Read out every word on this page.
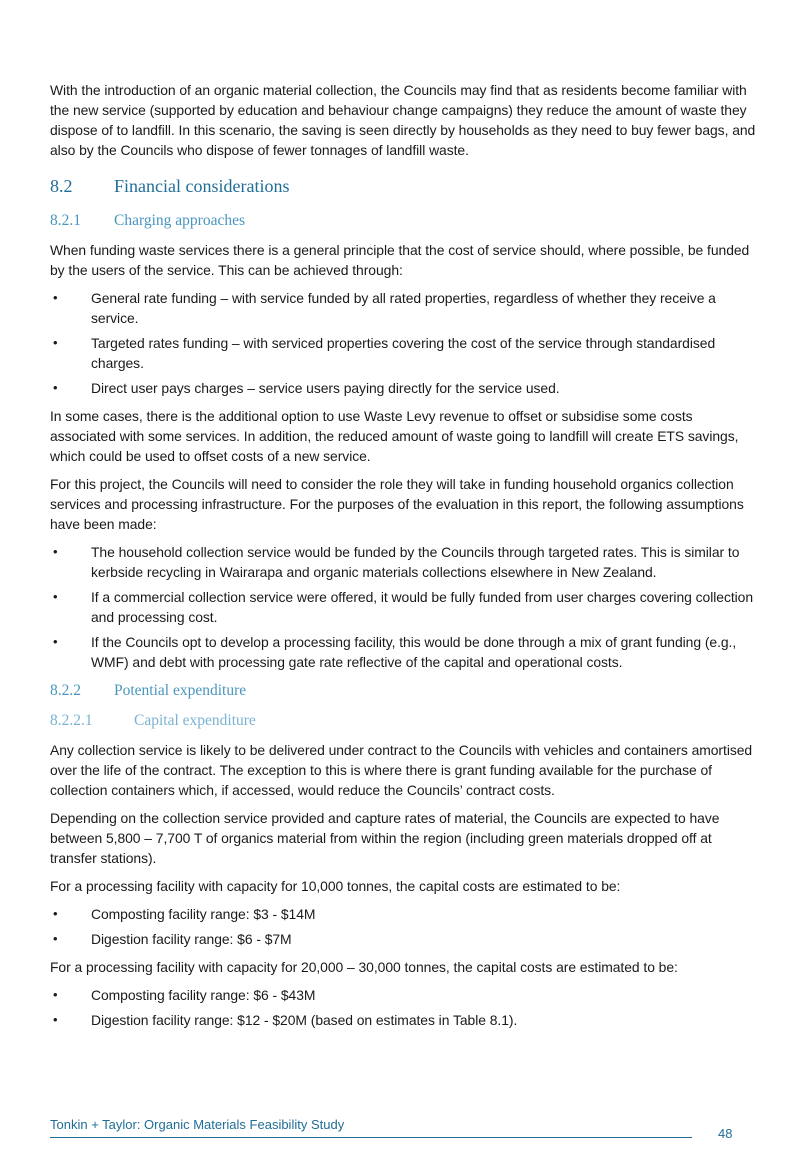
With the introduction of an organic material collection, the Councils may find that as residents become familiar with the new service (supported by education and behaviour change campaigns) they reduce the amount of waste they dispose of to landfill. In this scenario, the saving is seen directly by households as they need to buy fewer bags, and also by the Councils who dispose of fewer tonnages of landfill waste.

8.2 Financial considerations
8.2.1 Charging approaches

When funding waste services there is a general principle that the cost of service should, where possible, be funded by the users of the service. This can be achieved through:

• General rate funding – with service funded by all rated properties, regardless of whether they receive a service.
• Targeted rates funding – with serviced properties covering the cost of the service through standardised charges.
• Direct user pays charges – service users paying directly for the service used.

In some cases, there is the additional option to use Waste Levy revenue to offset or subsidise some costs associated with some services. In addition, the reduced amount of waste going to landfill will create ETS savings, which could be used to offset costs of a new service.

For this project, the Councils will need to consider the role they will take in funding household organics collection services and processing infrastructure. For the purposes of the evaluation in this report, the following assumptions have been made:

• The household collection service would be funded by the Councils through targeted rates. This is similar to kerbside recycling in Wairarapa and organic materials collections elsewhere in New Zealand.
• If a commercial collection service were offered, it would be fully funded from user charges covering collection and processing cost.
• If the Councils opt to develop a processing facility, this would be done through a mix of grant funding (e.g., WMF) and debt with processing gate rate reflective of the capital and operational costs.
8.2.2 Potential expenditure
8.2.2.1	Capital expenditure

Any collection service is likely to be delivered under contract to the Councils with vehicles and containers amortised over the life of the contract. The exception to this is where there is grant funding available for the purchase of collection containers which, if accessed, would reduce the Councils’ contract costs.

Depending on the collection service provided and capture rates of material, the Councils are expected to have between 5,800 – 7,700 T of organics material from within the region (including green materials dropped off at transfer stations).

For a processing facility with capacity for 10,000 tonnes, the capital costs are estimated to be:

• Composting facility range: $3 - $14M
• Digestion facility range: $6 - $7M

For a processing facility with capacity for 20,000 – 30,000 tonnes, the capital costs are estimated to be:

• Composting facility range: $6 - $43M
• Digestion facility range: $12 - $20M (based on estimates in Table 8.1).
Tonkin + Taylor: Organic Materials Feasibility Study
48
